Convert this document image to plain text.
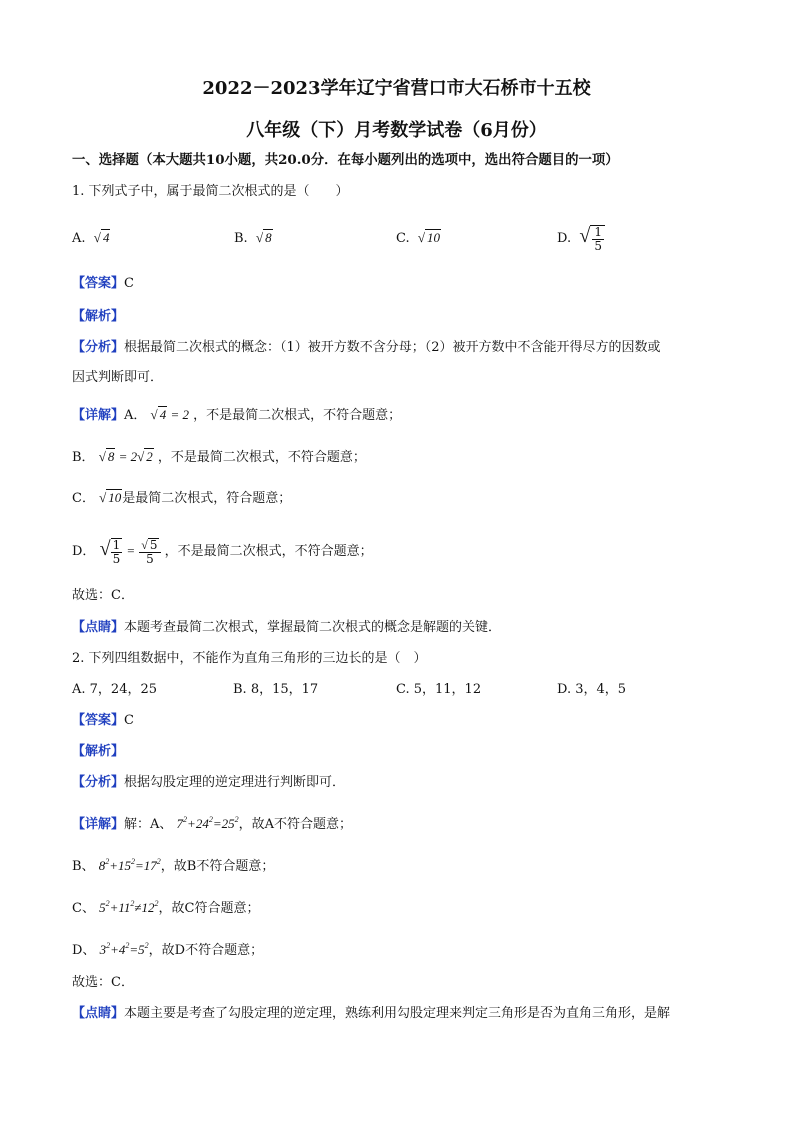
2022－2023学年辽宁省营口市大石桥市十五校
八年级（下）月考数学试卷（6月份）
一、选择题（本大题共10小题，共20.0分．在每小题列出的选项中，选出符合题目的一项）
1. 下列式子中，属于最简二次根式的是（　　）
A. √ 4	B. √ 8	C. √ 10	D. √ $\frac{1}{5}$
【答案】C
【解析】
【分析】根据最简二次根式的概念：（1）被开方数不含分母；（2）被开方数中不含能开得尽方的因数或
因式判断即可．
【详解】A． √ 4 = 2 ，不是最简二次根式，不符合题意；
B． √ 8 = 2√ 2 ，不是最简二次根式，不符合题意；
C． √ 10是最简二次根式，符合题意；
D． √ $\frac{1}{5} = \frac{√ 5}{5}$ ，不是最简二次根式，不符合题意；
故选：C．
【点睛】本题考查最简二次根式，掌握最简二次根式的概念是解题的关键．
2. 下列四组数据中，不能作为直角三角形的三边长的是（　）
A. 7，24，25	B. 8，15，17	C. 5，11，12	D. 3，4，5
【答案】C
【解析】
【分析】根据勾股定理的逆定理进行判断即可．
【详解】解：A、 $7^2+24^2=25^2$，故A不符合题意；
B、 $8^2+15^2=17^2$，故B不符合题意；
C、 $5^2+11^2\ne 12^2$，故C符合题意；
D、 $3^2+4^2=5^2$，故D不符合题意；
故选：C．
【点睛】本题主要是考查了勾股定理的逆定理，熟练利用勾股定理来判定三角形是否为直角三角形，是解
